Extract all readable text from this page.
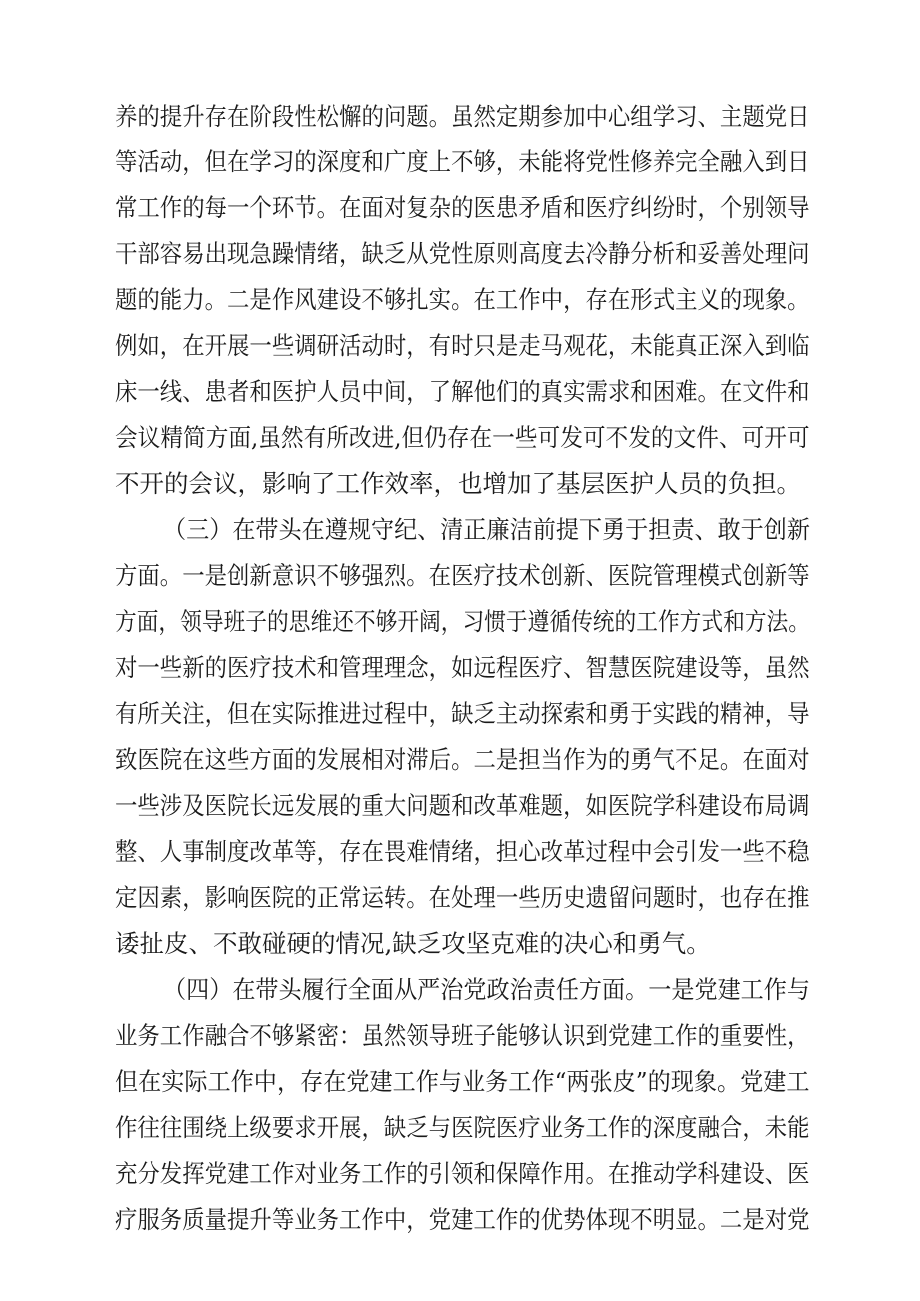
养的提升存在阶段性松懈的问题。虽然定期参加中心组学习、主题党日
等活动，但在学习的深度和广度上不够，未能将党性修养完全融入到日
常工作的每一个环节。在面对复杂的医患矛盾和医疗纠纷时，个别领导
干部容易出现急躁情绪，缺乏从党性原则高度去冷静分析和妥善处理问
题的能力。二是作风建设不够扎实。在工作中，存在形式主义的现象。
例如，在开展一些调研活动时，有时只是走马观花，未能真正深入到临
床一线、患者和医护人员中间，了解他们的真实需求和困难。在文件和
会议精简方面,虽然有所改进,但仍存在一些可发可不发的文件、可开可
不开的会议，影响了工作效率，也增加了基层医护人员的负担。
（三）在带头在遵规守纪、清正廉洁前提下勇于担责、敢于创新
方面。一是创新意识不够强烈。在医疗技术创新、医院管理模式创新等
方面，领导班子的思维还不够开阔，习惯于遵循传统的工作方式和方法。
对一些新的医疗技术和管理理念，如远程医疗、智慧医院建设等，虽然
有所关注，但在实际推进过程中，缺乏主动探索和勇于实践的精神，导
致医院在这些方面的发展相对滞后。二是担当作为的勇气不足。在面对
一些涉及医院长远发展的重大问题和改革难题，如医院学科建设布局调
整、人事制度改革等，存在畏难情绪，担心改革过程中会引发一些不稳
定因素，影响医院的正常运转。在处理一些历史遗留问题时，也存在推
诿扯皮、不敢碰硬的情况,缺乏攻坚克难的决心和勇气。
（四）在带头履行全面从严治党政治责任方面。一是党建工作与
业务工作融合不够紧密：虽然领导班子能够认识到党建工作的重要性，
但在实际工作中，存在党建工作与业务工作“两张皮”的现象。党建工
作往往围绕上级要求开展，缺乏与医院医疗业务工作的深度融合，未能
充分发挥党建工作对业务工作的引领和保障作用。在推动学科建设、医
疗服务质量提升等业务工作中，党建工作的优势体现不明显。二是对党
